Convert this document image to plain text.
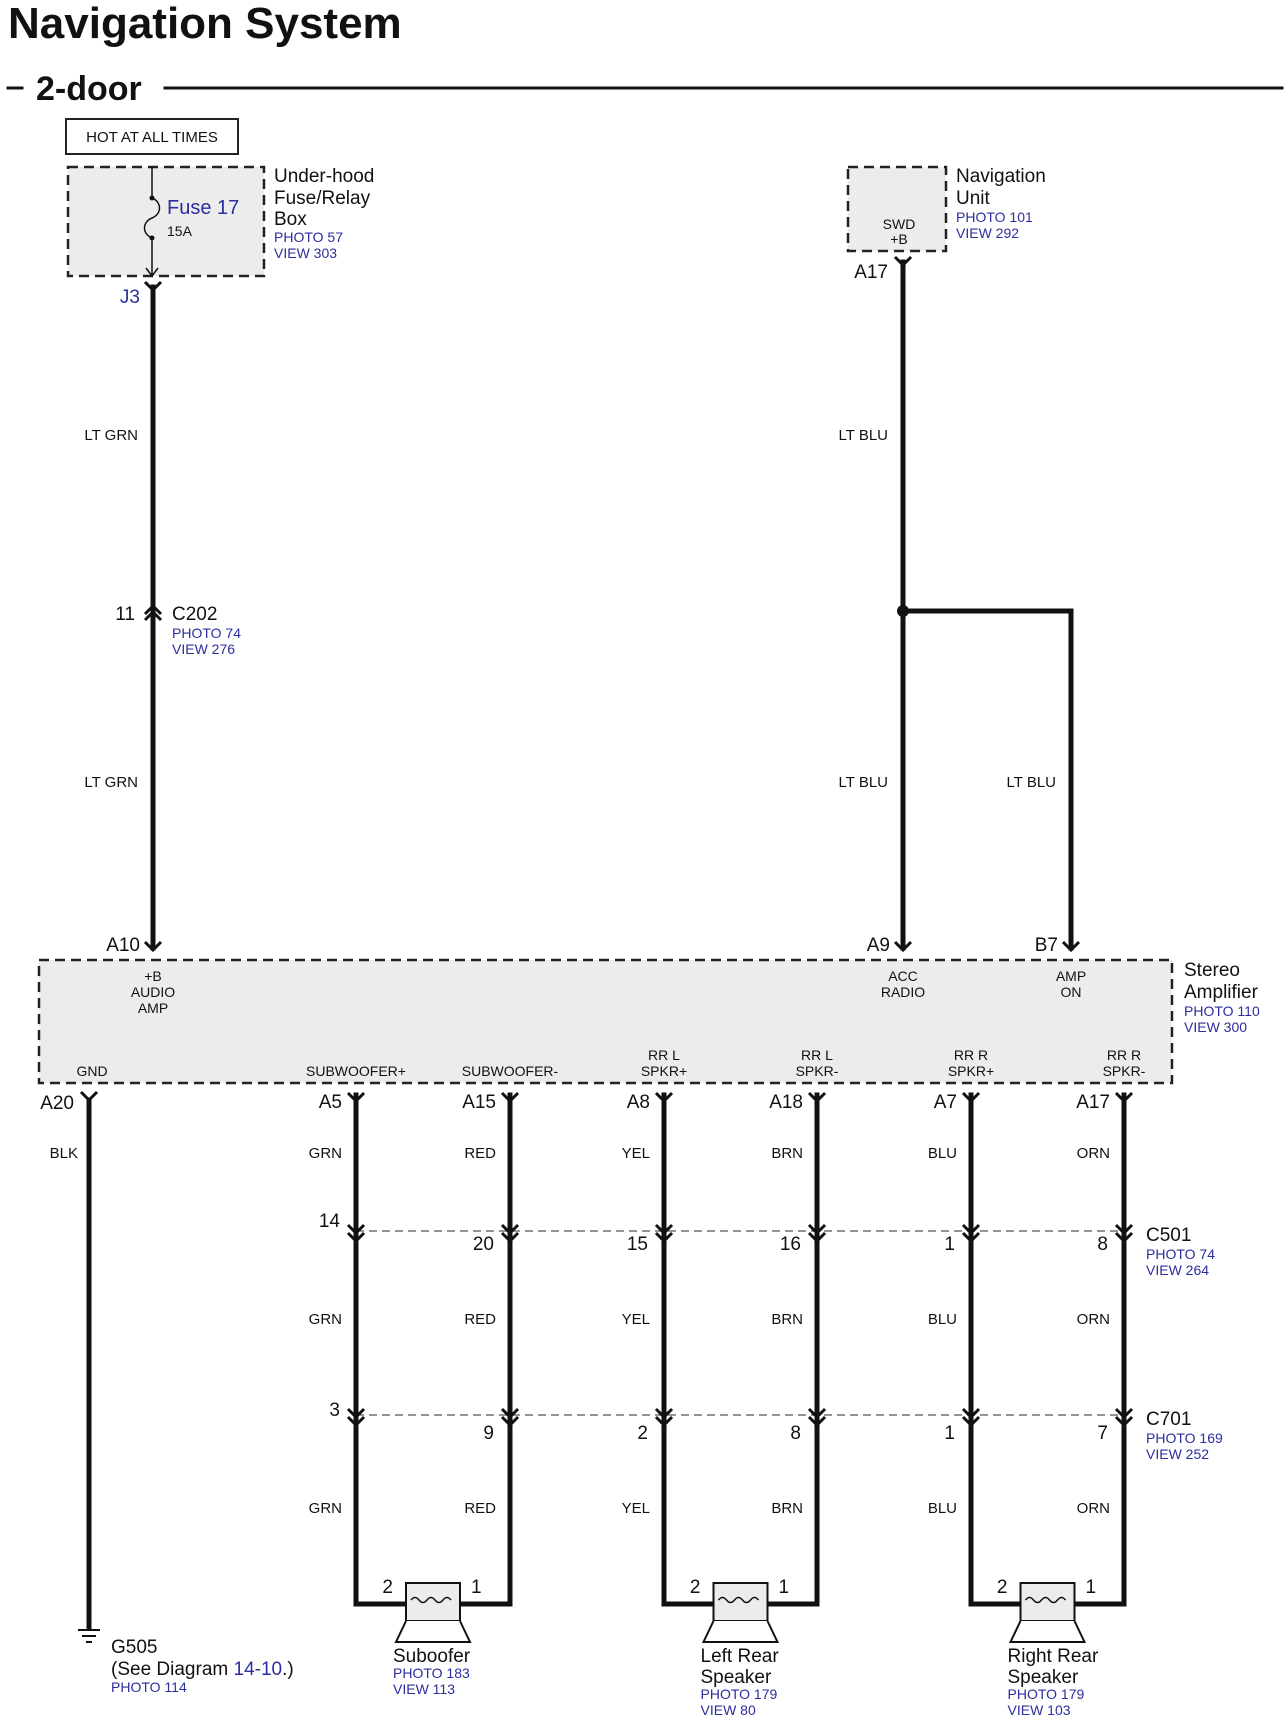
Navigation System
2-door
HOT AT ALL TIMES
Under-hood
Fuse/Relay
Box
PHOTO 57
VIEW 303
Fuse 17
15A
J3
Navigation
Unit
PHOTO 101
VIEW 292
SWD
+B
A17
LT GRN
LT GRN
LT BLU
LT BLU	LT BLU
11 C202
PHOTO 74
VIEW 276
A10	A9	B7
Stereo
Amplifier
PHOTO 110
VIEW 300
+B
AUDIO
AMP
ACC
RADIO
AMP
ON
GND	SUBWOOFER+	SUBWOOFER-
RR L
SPKR+
RR L
SPKR-
RR R
SPKR+
RR R
SPKR-
A20
BLK
G505
(See Diagram 14-10.)
PHOTO 114
C501
PHOTO 74
VIEW 264
C701
PHOTO 169
VIEW 252
A5
GRN
GRN
GRN
14
3
A15
RED
RED
RED
20
9
A8
YEL
YEL
YEL
15
2
A18
BRN
BRN
BRN
16
8
A7
BLU
BLU
BLU
1
1
A17
ORN
ORN
ORN
8
7
2	1
Suboofer
PHOTO 183
VIEW 113
2	1
Left Rear
Speaker
PHOTO 179
VIEW 80
2	1
Right Rear
Speaker
PHOTO 179
VIEW 103
